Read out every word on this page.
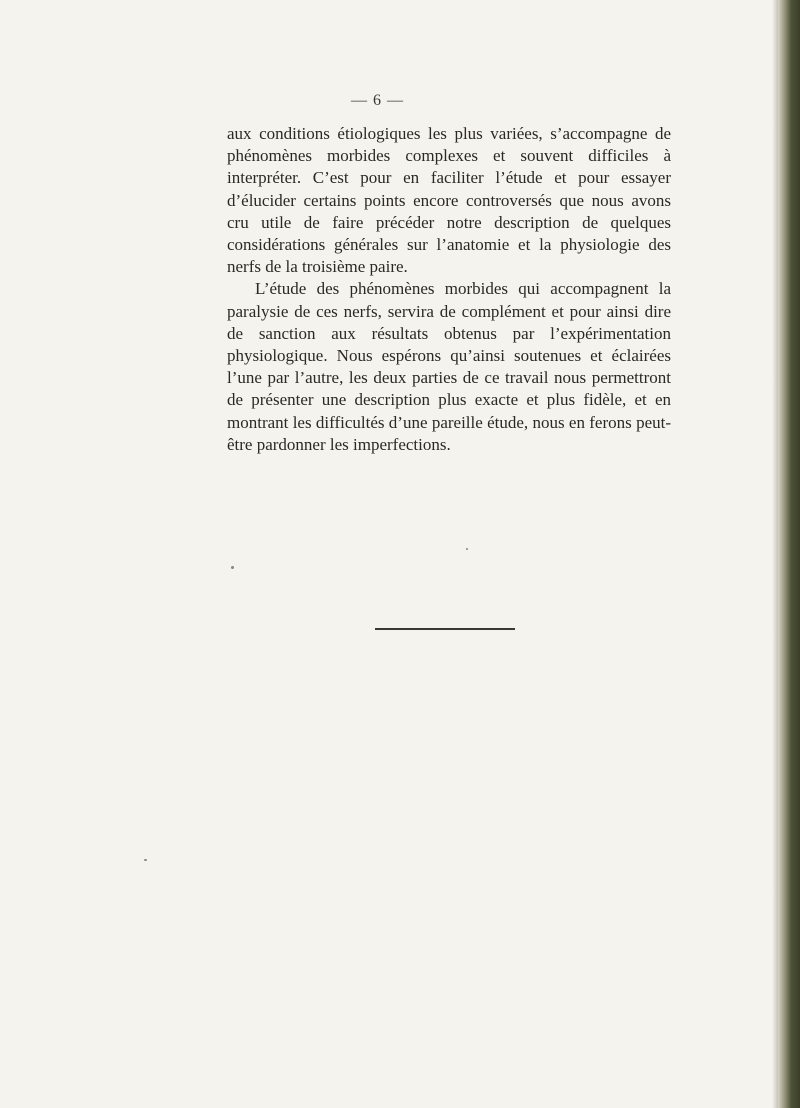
— 6 —

aux conditions étiologiques les plus variées, s’accompagne de phénomènes morbides complexes et souvent difficiles à interpréter. C’est pour en faciliter l’étude et pour essayer d’élucider certains points encore controversés que nous avons cru utile de faire précéder notre description de quelques considérations générales sur l’anatomie et la physiologie des nerfs de la troisième paire.

L’étude des phénomènes morbides qui accompagnent la paralysie de ces nerfs, servira de complément et pour ainsi dire de sanction aux résultats obtenus par l’expérimentation physiologique. Nous espérons qu’ainsi soutenues et éclairées l’une par l’autre, les deux parties de ce travail nous permettront de présenter une description plus exacte et plus fidèle, et en montrant les difficultés d’une pareille étude, nous en ferons peut-être pardonner les imperfections.
